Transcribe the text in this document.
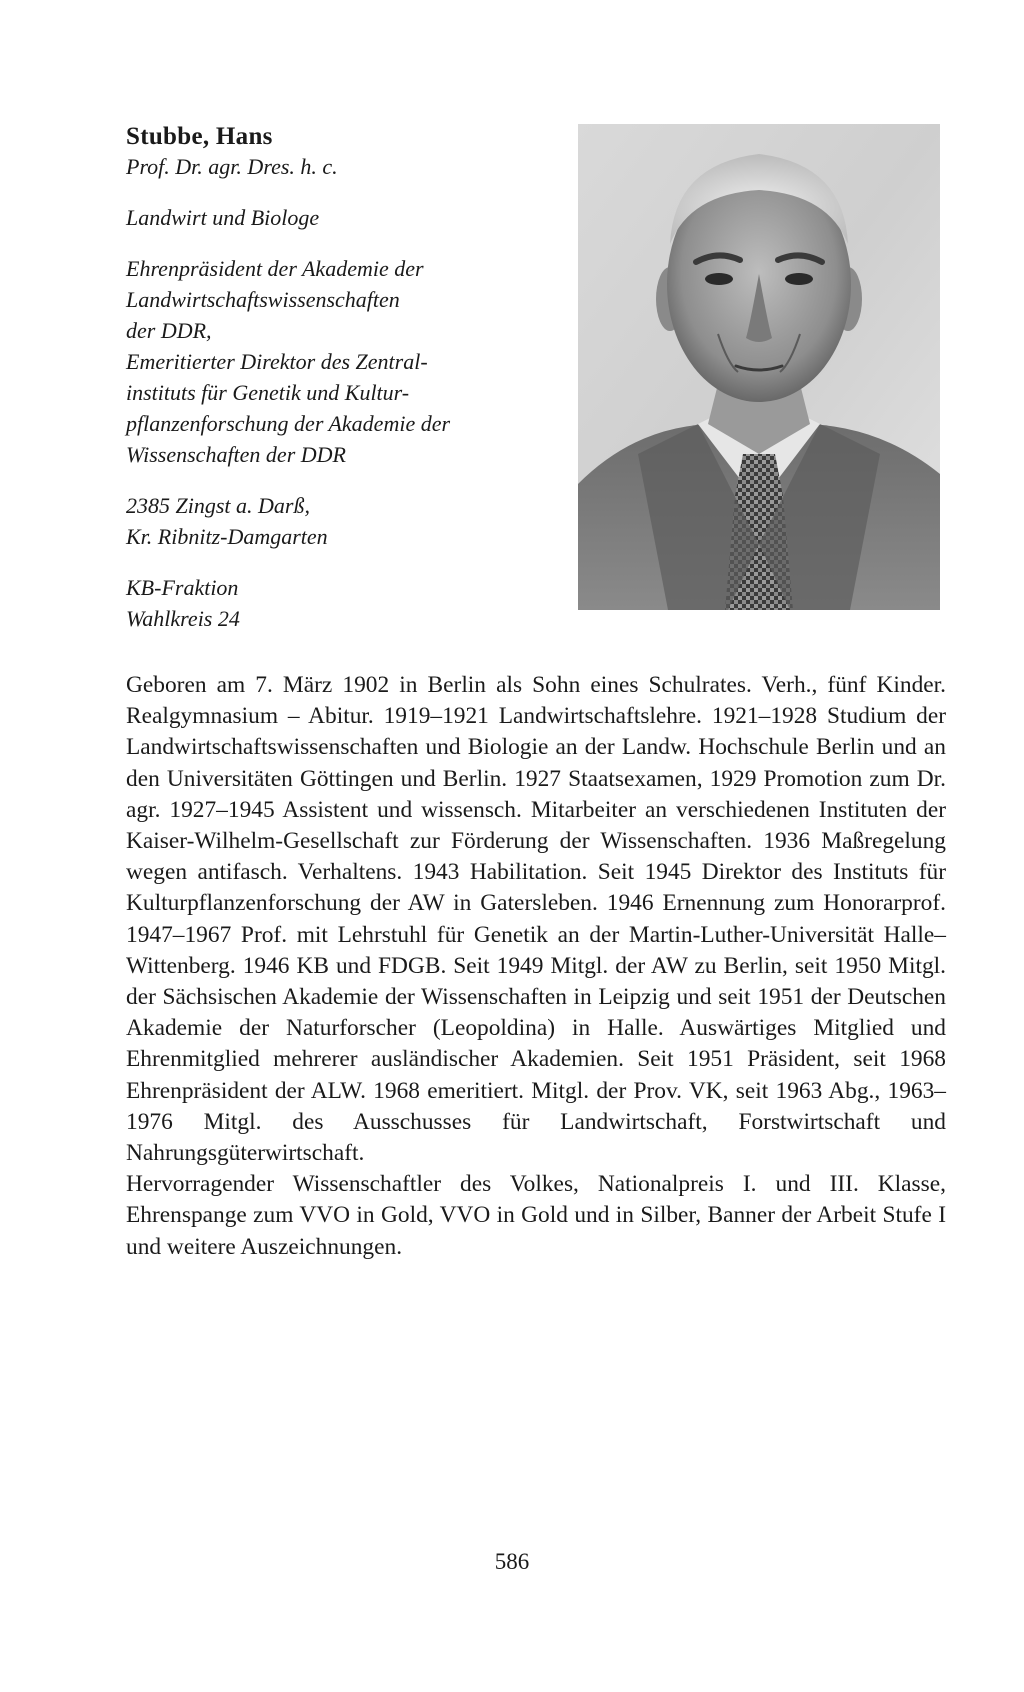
Stubbe, Hans

Prof. Dr. agr. Dres. h. c.

Landwirt und Biologe

Ehrenpräsident der Akademie der

Landwirtschaftswissenschaften

der DDR,

Emeritierter Direktor des Zentral-

instituts für Genetik und Kultur-

pflanzenforschung der Akademie der

Wissenschaften der DDR

2385 Zingst a. Darß,

Kr. Ribnitz-Damgarten

KB-Fraktion

Wahlkreis 24

Geboren am 7. März 1902 in Berlin als Sohn eines Schulrates. Verh., fünf Kinder. Realgymnasium – Abitur. 1919–1921 Landwirtschaftslehre. 1921–1928 Studium der Landwirtschaftswissenschaften und Biologie an der Landw. Hochschule Berlin und an den Universitäten Göttingen und Berlin. 1927 Staatsexamen, 1929 Promotion zum Dr. agr. 1927–1945 Assistent und wissensch. Mitarbeiter an verschiedenen Instituten der Kaiser-Wilhelm-Gesellschaft zur Förderung der Wissenschaften. 1936 Maßregelung wegen antifasch. Verhaltens. 1943 Habilitation. Seit 1945 Direktor des Instituts für Kulturpflanzenforschung der AW in Gatersleben. 1946 Ernennung zum Honorarprof. 1947–1967 Prof. mit Lehrstuhl für Genetik an der Martin-Luther-Universität Halle–Wittenberg. 1946 KB und FDGB. Seit 1949 Mitgl. der AW zu Berlin, seit 1950 Mitgl. der Sächsischen Akademie der Wissenschaften in Leipzig und seit 1951 der Deutschen Akademie der Naturforscher (Leopoldina) in Halle. Auswärtiges Mitglied und Ehrenmitglied mehrerer ausländischer Akademien. Seit 1951 Präsident, seit 1968 Ehrenpräsident der ALW. 1968 emeritiert. Mitgl. der Prov. VK, seit 1963 Abg., 1963–1976 Mitgl. des Ausschusses für Landwirtschaft, Forstwirtschaft und Nahrungsgüterwirtschaft.

Hervorragender Wissenschaftler des Volkes, Nationalpreis I. und III. Klasse, Ehrenspange zum VVO in Gold, VVO in Gold und in Silber, Banner der Arbeit Stufe I und weitere Auszeichnungen.

586
